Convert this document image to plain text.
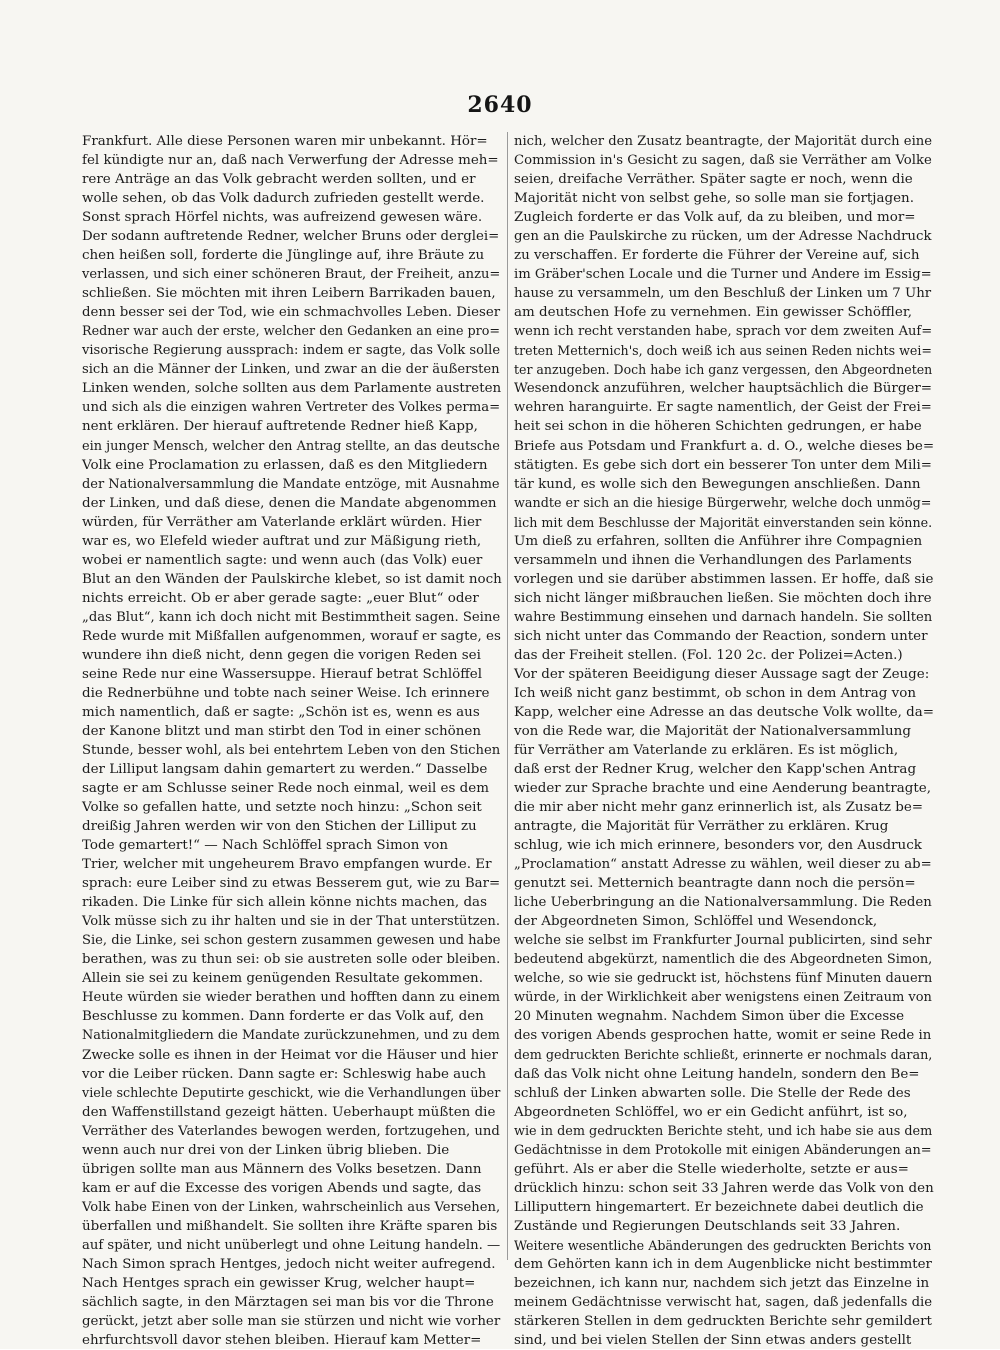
2640
Frankfurt. Alle diese Personen waren mir unbekannt. Hör=
fel kündigte nur an, daß nach Verwerfung der Adresse meh=
rere Anträge an das Volk gebracht werden sollten, und er
wolle sehen, ob das Volk dadurch zufrieden gestellt werde.
Sonst sprach Hörfel nichts, was aufreizend gewesen wäre.
Der sodann auftretende Redner, welcher Bruns oder derglei=
chen heißen soll, forderte die Jünglinge auf, ihre Bräute zu
verlassen, und sich einer schöneren Braut, der Freiheit, anzu=
schließen. Sie möchten mit ihren Leibern Barrikaden bauen,
denn besser sei der Tod, wie ein schmachvolles Leben. Dieser
Redner war auch der erste, welcher den Gedanken an eine pro=
visorische Regierung aussprach: indem er sagte, das Volk solle
sich an die Männer der Linken, und zwar an die der äußersten
Linken wenden, solche sollten aus dem Parlamente austreten
und sich als die einzigen wahren Vertreter des Volkes perma=
nent erklären. Der hierauf auftretende Redner hieß Kapp,
ein junger Mensch, welcher den Antrag stellte, an das deutsche
Volk eine Proclamation zu erlassen, daß es den Mitgliedern
der Nationalversammlung die Mandate entzöge, mit Ausnahme
der Linken, und daß diese, denen die Mandate abgenommen
würden, für Verräther am Vaterlande erklärt würden. Hier
war es, wo Elefeld wieder auftrat und zur Mäßigung rieth,
wobei er namentlich sagte: und wenn auch (das Volk) euer
Blut an den Wänden der Paulskirche klebet, so ist damit noch
nichts erreicht. Ob er aber gerade sagte: „euer Blut“ oder
„das Blut“, kann ich doch nicht mit Bestimmtheit sagen. Seine
Rede wurde mit Mißfallen aufgenommen, worauf er sagte, es
wundere ihn dieß nicht, denn gegen die vorigen Reden sei
seine Rede nur eine Wassersuppe. Hierauf betrat Schlöffel
die Rednerbühne und tobte nach seiner Weise. Ich erinnere
mich namentlich, daß er sagte: „Schön ist es, wenn es aus
der Kanone blitzt und man stirbt den Tod in einer schönen
Stunde, besser wohl, als bei entehrtem Leben von den Stichen
der Lilliput langsam dahin gemartert zu werden.“ Dasselbe
sagte er am Schlusse seiner Rede noch einmal, weil es dem
Volke so gefallen hatte, und setzte noch hinzu: „Schon seit
dreißig Jahren werden wir von den Stichen der Lilliput zu
Tode gemartert!“ — Nach Schlöffel sprach Simon von
Trier, welcher mit ungeheurem Bravo empfangen wurde. Er
sprach: eure Leiber sind zu etwas Besserem gut, wie zu Bar=
rikaden. Die Linke für sich allein könne nichts machen, das
Volk müsse sich zu ihr halten und sie in der That unterstützen.
Sie, die Linke, sei schon gestern zusammen gewesen und habe
berathen, was zu thun sei: ob sie austreten solle oder bleiben.
Allein sie sei zu keinem genügenden Resultate gekommen.
Heute würden sie wieder berathen und hofften dann zu einem
Beschlusse zu kommen. Dann forderte er das Volk auf, den
Nationalmitgliedern die Mandate zurückzunehmen, und zu dem
Zwecke solle es ihnen in der Heimat vor die Häuser und hier
vor die Leiber rücken. Dann sagte er: Schleswig habe auch
viele schlechte Deputirte geschickt, wie die Verhandlungen über
den Waffenstillstand gezeigt hätten. Ueberhaupt müßten die
Verräther des Vaterlandes bewogen werden, fortzugehen, und
wenn auch nur drei von der Linken übrig blieben. Die
übrigen sollte man aus Männern des Volks besetzen. Dann
kam er auf die Excesse des vorigen Abends und sagte, das
Volk habe Einen von der Linken, wahrscheinlich aus Versehen,
überfallen und mißhandelt. Sie sollten ihre Kräfte sparen bis
auf später, und nicht unüberlegt und ohne Leitung handeln. —
Nach Simon sprach Hentges, jedoch nicht weiter aufregend.
Nach Hentges sprach ein gewisser Krug, welcher haupt=
sächlich sagte, in den Märztagen sei man bis vor die Throne
gerückt, jetzt aber solle man sie stürzen und nicht wie vorher
ehrfurchtsvoll davor stehen bleiben. Hierauf kam Metter=
nich, welcher den Zusatz beantragte, der Majorität durch eine
Commission in's Gesicht zu sagen, daß sie Verräther am Volke
seien, dreifache Verräther. Später sagte er noch, wenn die
Majorität nicht von selbst gehe, so solle man sie fortjagen.
Zugleich forderte er das Volk auf, da zu bleiben, und mor=
gen an die Paulskirche zu rücken, um der Adresse Nachdruck
zu verschaffen. Er forderte die Führer der Vereine auf, sich
im Gräber'schen Locale und die Turner und Andere im Essig=
hause zu versammeln, um den Beschluß der Linken um 7 Uhr
am deutschen Hofe zu vernehmen. Ein gewisser Schöffler,
wenn ich recht verstanden habe, sprach vor dem zweiten Auf=
treten Metternich's, doch weiß ich aus seinen Reden nichts wei=
ter anzugeben. Doch habe ich ganz vergessen, den Abgeordneten
Wesendonck anzuführen, welcher hauptsächlich die Bürger=
wehren haranguirte. Er sagte namentlich, der Geist der Frei=
heit sei schon in die höheren Schichten gedrungen, er habe
Briefe aus Potsdam und Frankfurt a. d. O., welche dieses be=
stätigten. Es gebe sich dort ein besserer Ton unter dem Mili=
tär kund, es wolle sich den Bewegungen anschließen. Dann
wandte er sich an die hiesige Bürgerwehr, welche doch unmög=
lich mit dem Beschlusse der Majorität einverstanden sein könne.
Um dieß zu erfahren, sollten die Anführer ihre Compagnien
versammeln und ihnen die Verhandlungen des Parlaments
vorlegen und sie darüber abstimmen lassen. Er hoffe, daß sie
sich nicht länger mißbrauchen ließen. Sie möchten doch ihre
wahre Bestimmung einsehen und darnach handeln. Sie sollten
sich nicht unter das Commando der Reaction, sondern unter
das der Freiheit stellen. (Fol. 120 2c. der Polizei=Acten.)
Vor der späteren Beeidigung dieser Aussage sagt der Zeuge:
Ich weiß nicht ganz bestimmt, ob schon in dem Antrag von
Kapp, welcher eine Adresse an das deutsche Volk wollte, da=
von die Rede war, die Majorität der Nationalversammlung
für Verräther am Vaterlande zu erklären. Es ist möglich,
daß erst der Redner Krug, welcher den Kapp'schen Antrag
wieder zur Sprache brachte und eine Aenderung beantragte,
die mir aber nicht mehr ganz erinnerlich ist, als Zusatz be=
antragte, die Majorität für Verräther zu erklären. Krug
schlug, wie ich mich erinnere, besonders vor, den Ausdruck
„Proclamation“ anstatt Adresse zu wählen, weil dieser zu ab=
genutzt sei. Metternich beantragte dann noch die persön=
liche Ueberbringung an die Nationalversammlung. Die Reden
der Abgeordneten Simon, Schlöffel und Wesendonck,
welche sie selbst im Frankfurter Journal publicirten, sind sehr
bedeutend abgekürzt, namentlich die des Abgeordneten Simon,
welche, so wie sie gedruckt ist, höchstens fünf Minuten dauern
würde, in der Wirklichkeit aber wenigstens einen Zeitraum von
20 Minuten wegnahm. Nachdem Simon über die Excesse
des vorigen Abends gesprochen hatte, womit er seine Rede in
dem gedruckten Berichte schließt, erinnerte er nochmals daran,
daß das Volk nicht ohne Leitung handeln, sondern den Be=
schluß der Linken abwarten solle. Die Stelle der Rede des
Abgeordneten Schlöffel, wo er ein Gedicht anführt, ist so,
wie in dem gedruckten Berichte steht, und ich habe sie aus dem
Gedächtnisse in dem Protokolle mit einigen Abänderungen an=
geführt. Als er aber die Stelle wiederholte, setzte er aus=
drücklich hinzu: schon seit 33 Jahren werde das Volk von den
Lilliputtern hingemartert. Er bezeichnete dabei deutlich die
Zustände und Regierungen Deutschlands seit 33 Jahren.
Weitere wesentliche Abänderungen des gedruckten Berichts von
dem Gehörten kann ich in dem Augenblicke nicht bestimmter
bezeichnen, ich kann nur, nachdem sich jetzt das Einzelne in
meinem Gedächtnisse verwischt hat, sagen, daß jedenfalls die
stärkeren Stellen in dem gedruckten Berichte sehr gemildert
sind, und bei vielen Stellen der Sinn etwas anders gestellt
